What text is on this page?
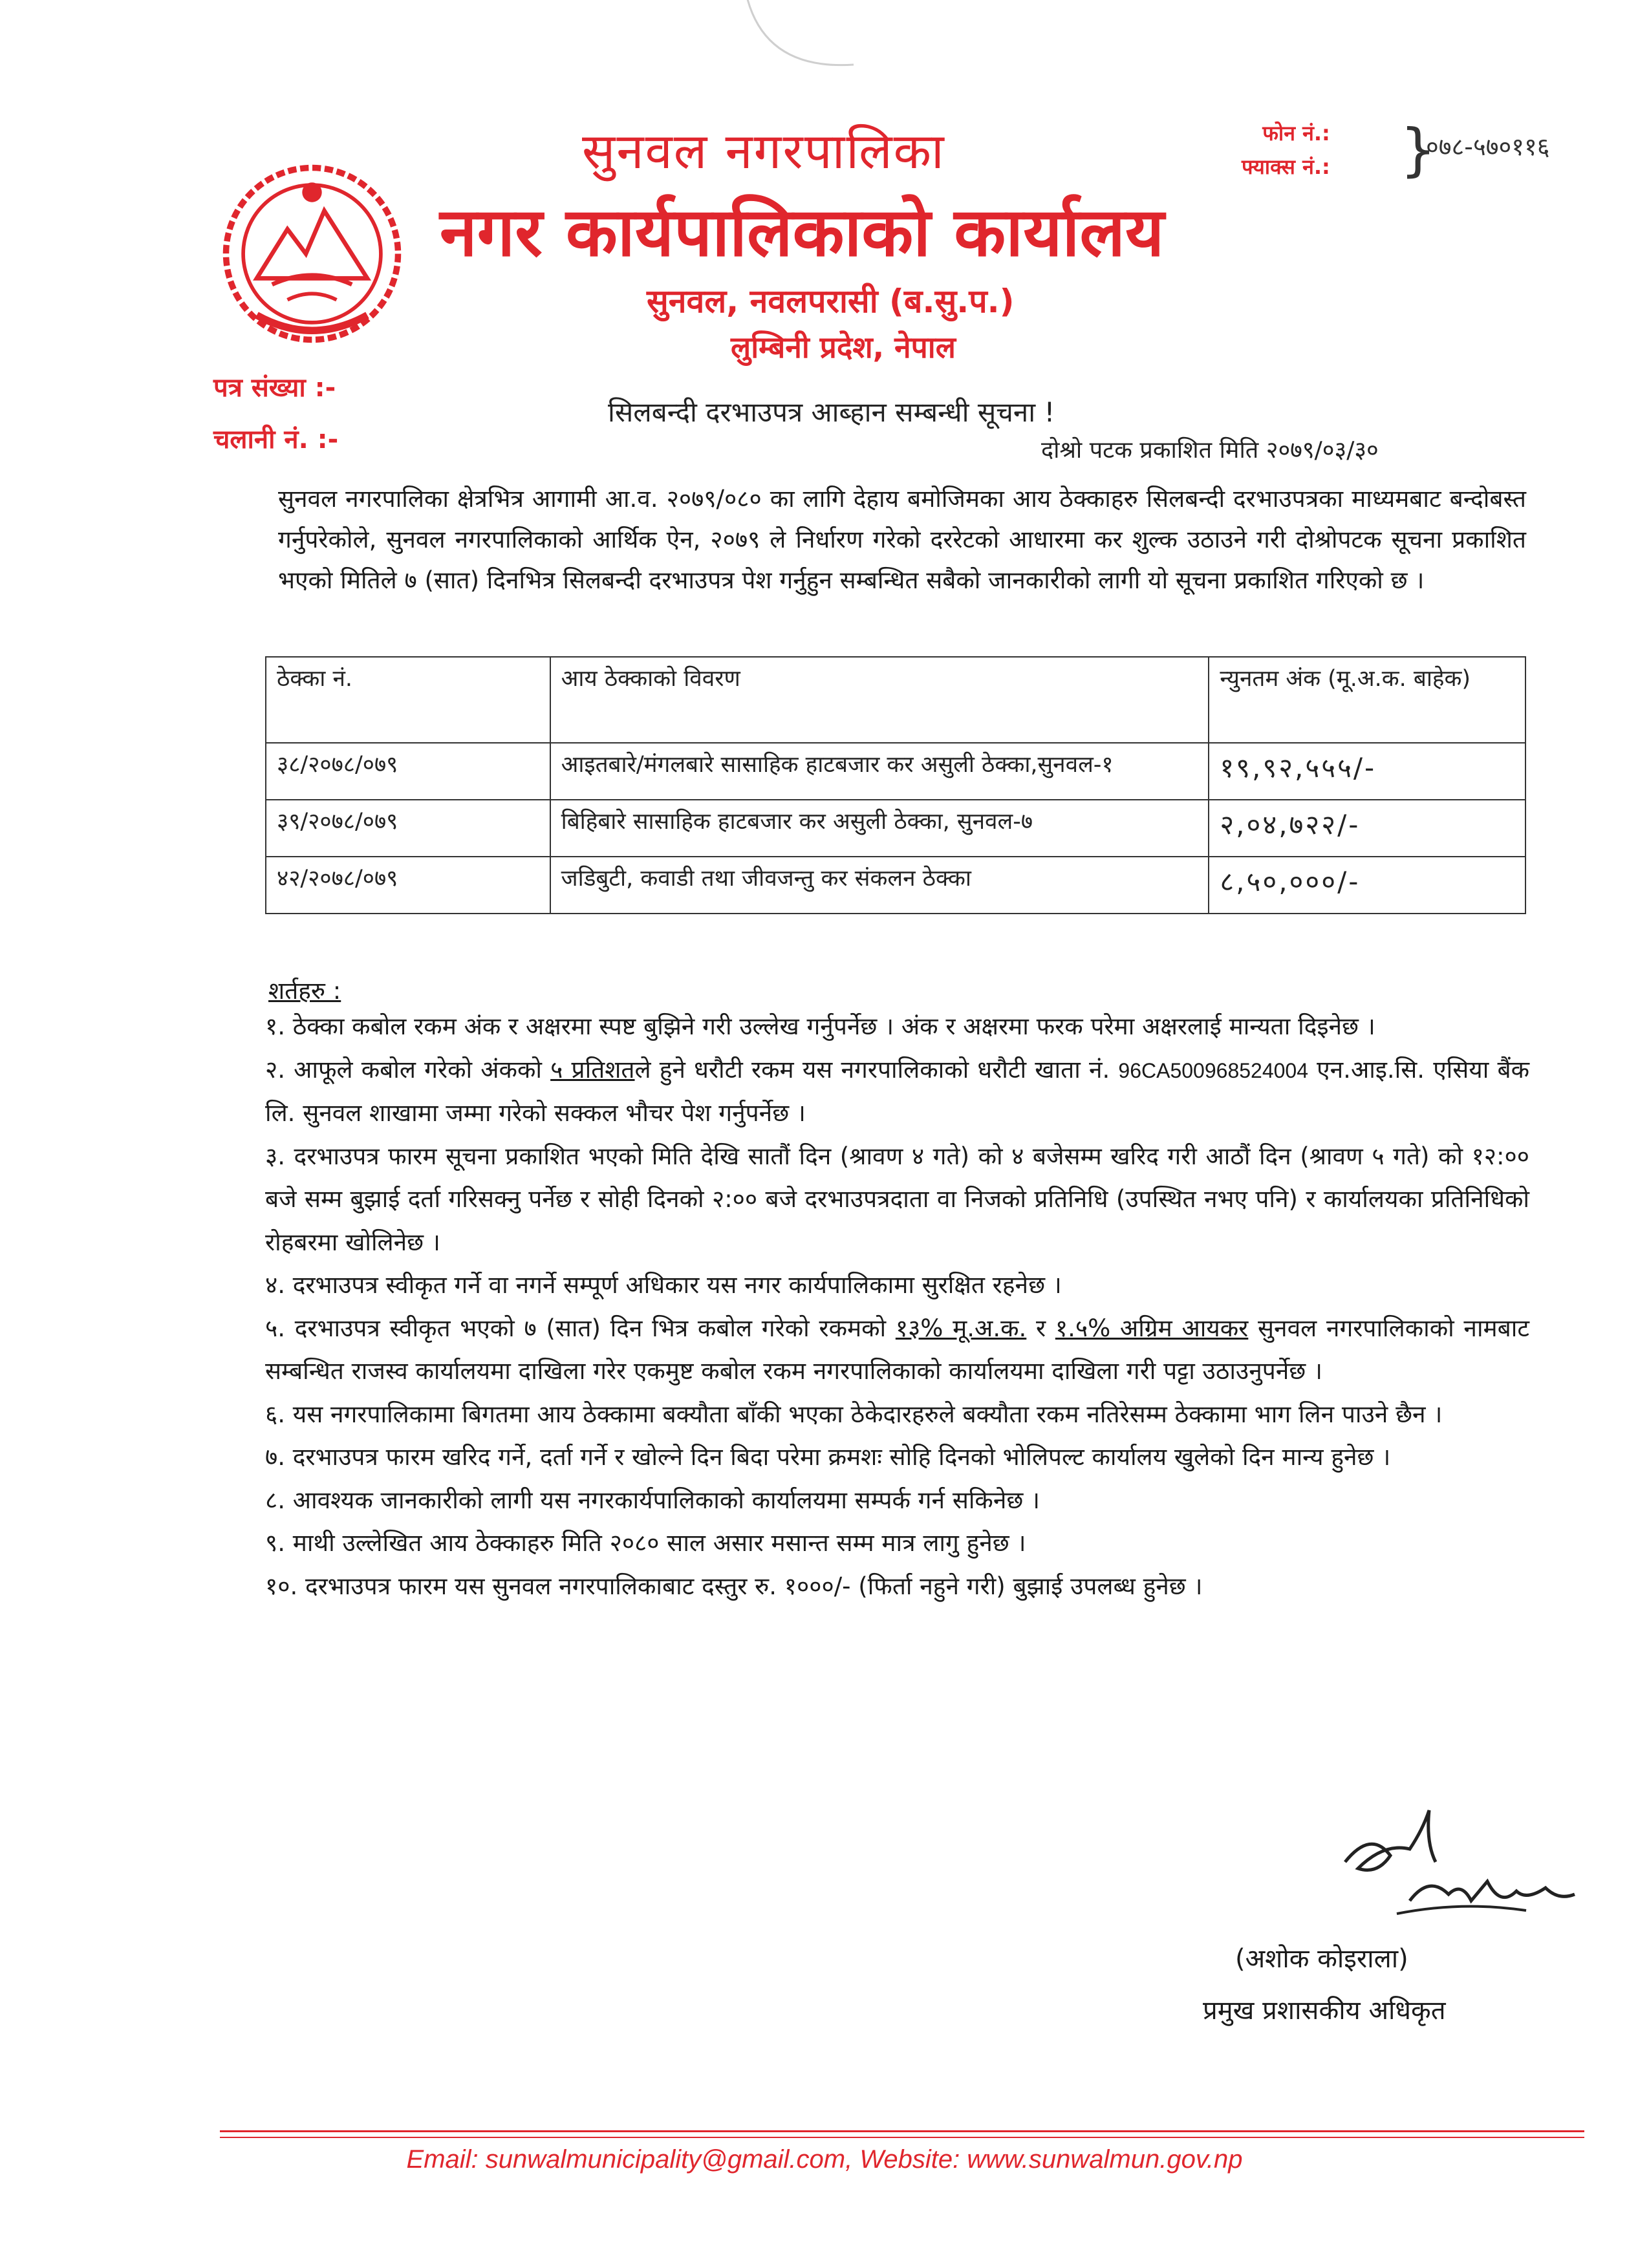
सुनवल नगरपालिका
नगर कार्यपालिकाको कार्यालय
सुनवल, नवलपरासी (ब.सु.प.)
लुम्बिनी प्रदेश, नेपाल
फोन नं.:
फ्याक्स नं.: }
०७८-५७०११६
पत्र संख्या :-
चलानी नं. :-
सिलबन्दी दरभाउपत्र आब्हान सम्बन्धी सूचना !
दोश्रो पटक प्रकाशित मिति २०७९/०३/३०
सुनवल नगरपालिका क्षेत्रभित्र आगामी आ.व. २०७९/०८० का लागि देहाय बमोजिमका आय ठेक्काहरु सिलबन्दी दरभाउपत्रका माध्यमबाट बन्दोबस्त गर्नुपरेकोले, सुनवल नगरपालिकाको आर्थिक ऐन, २०७९ ले निर्धारण गरेको दररेटको आधारमा कर शुल्क उठाउने गरी दोश्रोपटक सूचना प्रकाशित भएको मितिले ७ (सात) दिनभित्र सिलबन्दी दरभाउपत्र पेश गर्नुहुन सम्बन्धित सबैको जानकारीको लागी यो सूचना प्रकाशित गरिएको छ ।
ठेक्का नं.	आय ठेक्काको विवरण	न्युनतम अंक (मू.अ.क. बाहेक)
३८/२०७८/०७९	आइतबारे/मंगलबारे सासाहिक हाटबजार कर असुली ठेक्का,सुनवल-१	१९,९२,५५५/-
३९/२०७८/०७९	बिहिबारे सासाहिक हाटबजार कर असुली ठेक्का, सुनवल-७	२,०४,७२२/-
४२/२०७८/०७९	जडिबुटी, कवाडी तथा जीवजन्तु कर संकलन ठेक्का	८,५०,०००/-
शर्तहरु :

१. ठेक्का कबोल रकम अंक र अक्षरमा स्पष्ट बुझिने गरी उल्लेख गर्नुपर्नेछ । अंक र अक्षरमा फरक परेमा अक्षरलाई मान्यता दिइनेछ ।

२. आफूले कबोल गरेको अंकको ५ प्रतिशतले हुने धरौटी रकम यस नगरपालिकाको धरौटी खाता नं. 96CA500968524004 एन.आइ.सि. एसिया बैंक लि. सुनवल शाखामा जम्मा गरेको सक्कल भौचर पेश गर्नुपर्नेछ ।

३. दरभाउपत्र फारम सूचना प्रकाशित भएको मिति देखि सातौं दिन (श्रावण ४ गते) को ४ बजेसम्म खरिद गरी आठौं दिन (श्रावण ५ गते) को १२:०० बजे सम्म बुझाई दर्ता गरिसक्नु पर्नेछ र सोही दिनको २:०० बजे दरभाउपत्रदाता वा निजको प्रतिनिधि (उपस्थित नभए पनि) र कार्यालयका प्रतिनिधिको रोहबरमा खोलिनेछ ।

४. दरभाउपत्र स्वीकृत गर्ने वा नगर्ने सम्पूर्ण अधिकार यस नगर कार्यपालिकामा सुरक्षित रहनेछ ।

५. दरभाउपत्र स्वीकृत भएको ७ (सात) दिन भित्र कबोल गरेको रकमको १३% मू.अ.क. र १.५% अग्रिम आयकर सुनवल नगरपालिकाको नामबाट सम्बन्धित राजस्व कार्यालयमा दाखिला गरेर एकमुष्ट कबोल रकम नगरपालिकाको कार्यालयमा दाखिला गरी पट्टा उठाउनुपर्नेछ ।

६. यस नगरपालिकामा बिगतमा आय ठेक्कामा बक्यौता बाँकी भएका ठेकेदारहरुले बक्यौता रकम नतिरेसम्म ठेक्कामा भाग लिन पाउने छैन ।

७. दरभाउपत्र फारम खरिद गर्ने, दर्ता गर्ने र खोल्ने दिन बिदा परेमा क्रमशः सोहि दिनको भोलिपल्ट कार्यालय खुलेको दिन मान्य हुनेछ ।

८. आवश्यक जानकारीको लागी यस नगरकार्यपालिकाको कार्यालयमा सम्पर्क गर्न सकिनेछ ।

९. माथी उल्लेखित आय ठेक्काहरु मिति २०८० साल असार मसान्त सम्म मात्र लागु हुनेछ ।

१०. दरभाउपत्र फारम यस सुनवल नगरपालिकाबाट दस्तुर रु. १०००/- (फिर्ता नहुने गरी) बुझाई उपलब्ध हुनेछ ।

(अशोक कोइराला)
प्रमुख प्रशासकीय अधिकृत
Email: sunwalmunicipality@gmail.com, Website: www.sunwalmun.gov.np
